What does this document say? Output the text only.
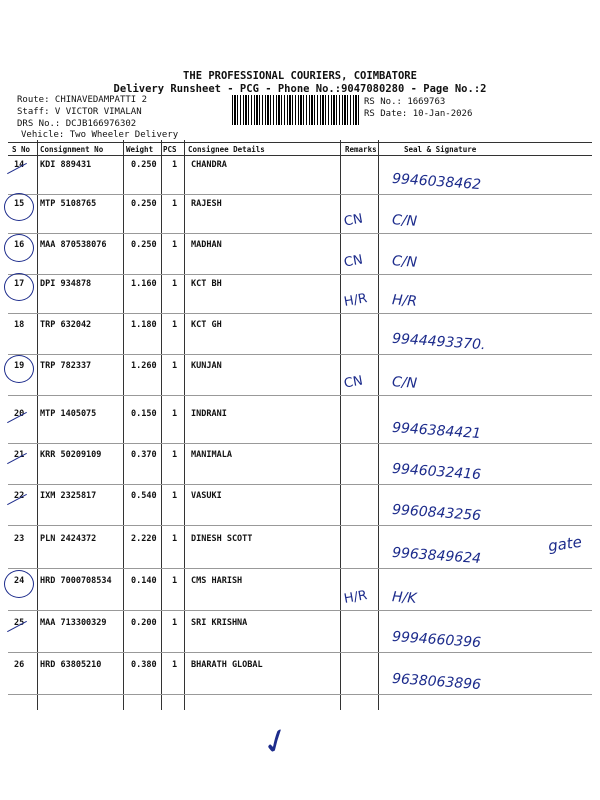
THE PROFESSIONAL COURIERS, COIMBATORE
Delivery Runsheet - PCG - Phone No.:9047080280 - Page No.:2
Route: CHINAVEDAMPATTI 2
Staff: V VICTOR VIMALAN
DRS No.: DCJB166976302
Vehicle: Two Wheeler Delivery
RS No.: 1669763
RS Date: 10-Jan-2026
S No Consignment No	Weight PCS Consignee Details	Remarks	Seal & Signature
14 KDI 889431	0.250 1 CHANDRA
9946038462
15 MTP 5108765	0.250 1 RAJESH
CN C/N
16 MAA 870538076	0.250 1 MADHAN
CN C/N
17 DPI 934878	1.160 1 KCT BH
H/R H/R
18 TRP 632042	1.180 1 KCT GH
9944493370.
19 TRP 782337	1.260 1 KUNJAN
CN C/N
20 MTP 1405075	0.150 1 INDRANI
9946384421
21 KRR 50209109	0.370 1 MANIMALA
9946032416
22 IXM 2325817	0.540 1 VASUKI
9960843256
23 PLN 2424372	2.220 1 DINESH SCOTT
9963849624
24 HRD 7000708534 0.140 1 CMS HARISH
H/R H/K
25 MAA 713300329	0.200 1 SRI KRISHNA
9994660396
26 HRD 63805210	0.380 1 BHARATH GLOBAL
9638063896
gate
✓
